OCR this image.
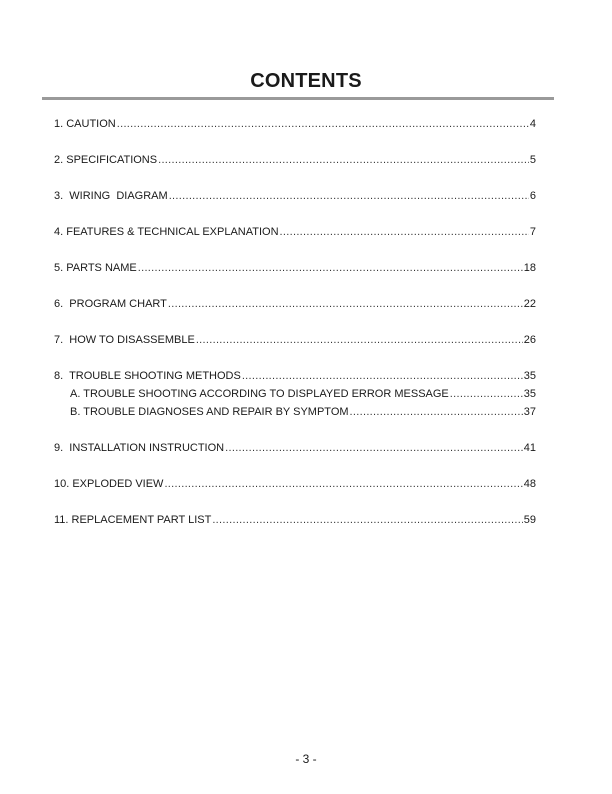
CONTENTS
1. CAUTION .....	4
2. SPECIFICATIONS .....	5
3.  WIRING  DIAGRAM .....	6
4. FEATURES & TECHNICAL EXPLANATION .....	7
5. PARTS NAME .....	18
6.  PROGRAM CHART .....	22
7.  HOW TO DISASSEMBLE .....	26
8.  TROUBLE SHOOTING METHODS .....	35
A. TROUBLE SHOOTING ACCORDING TO DISPLAYED ERROR MESSAGE .....	35
B. TROUBLE DIAGNOSES AND REPAIR BY SYMPTOM .....	37
9.  INSTALLATION INSTRUCTION .....	41
10. EXPLODED VIEW .....	48
11. REPLACEMENT PART LIST .....	59
- 3 -
